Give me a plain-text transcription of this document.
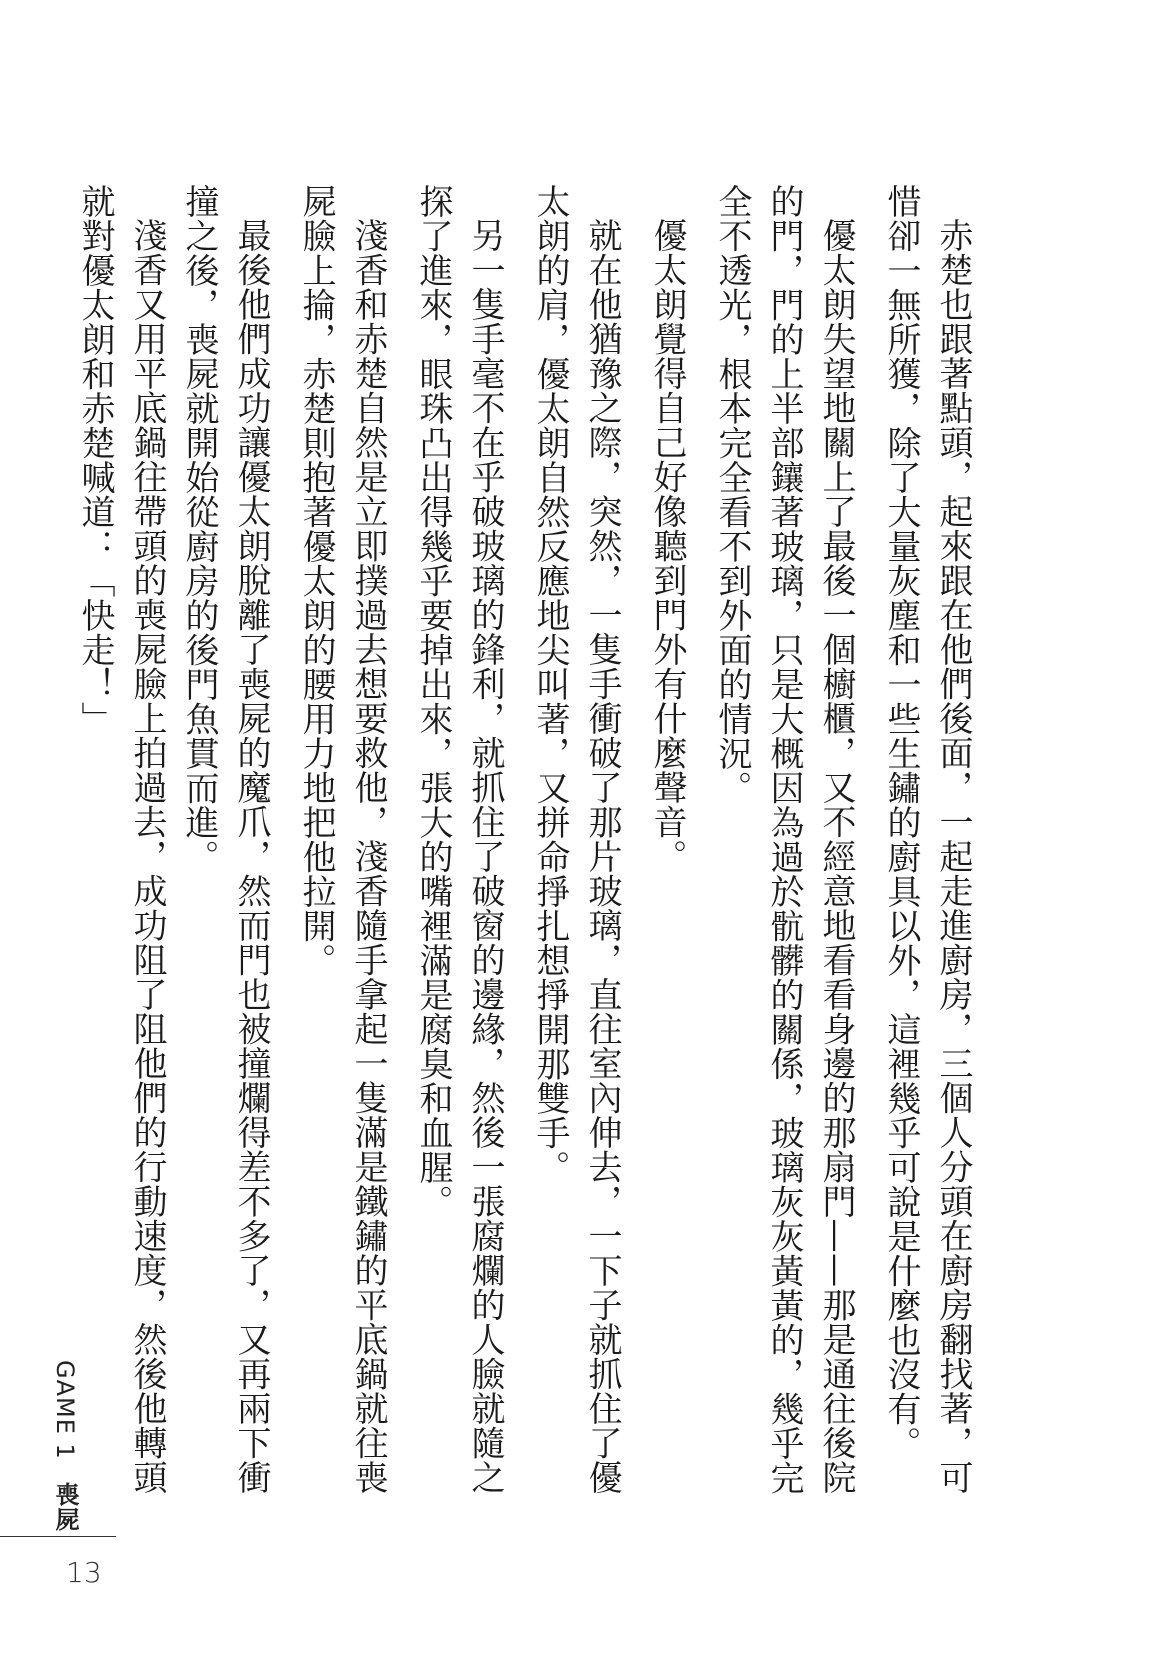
赤楚也跟著點頭，起來跟在他們後面，一起走進廚房，三個人分頭在廚房翻找著，可惜卻一無所獲，除了大量灰塵和一些生鏽的廚具以外，這裡幾乎可說是什麼也沒有。

優太朗失望地關上了最後一個櫥櫃，又不經意地看看身邊的那扇門——那是通往後院的門，門的上半部鑲著玻璃，只是大概因為過於骯髒的關係，玻璃灰灰黃黃的，幾乎完全不透光，根本完全看不到外面的情況。

優太朗覺得自己好像聽到門外有什麼聲音。

就在他猶豫之際，突然，一隻手衝破了那片玻璃，直往室內伸去，一下子就抓住了優太朗的肩，優太朗自然反應地尖叫著，又拼命掙扎想掙開那雙手。

另一隻手毫不在乎破玻璃的鋒利，就抓住了破窗的邊緣，然後一張腐爛的人臉就隨之探了進來，眼珠凸出得幾乎要掉出來，張大的嘴裡滿是腐臭和血腥。

淺香和赤楚自然是立即撲過去想要救他，淺香隨手拿起一隻滿是鐵鏽的平底鍋就往喪屍臉上掄，赤楚則抱著優太朗的腰用力地把他拉開。

最後他們成功讓優太朗脫離了喪屍的魔爪，然而門也被撞爛得差不多了，又再兩下衝撞之後，喪屍就開始從廚房的後門魚貫而進。

淺香又用平底鍋往帶頭的喪屍臉上拍過去，成功阻了阻他們的行動速度，然後他轉頭就對優太朗和赤楚喊道：「快走！」

GAME 1 喪屍
13
